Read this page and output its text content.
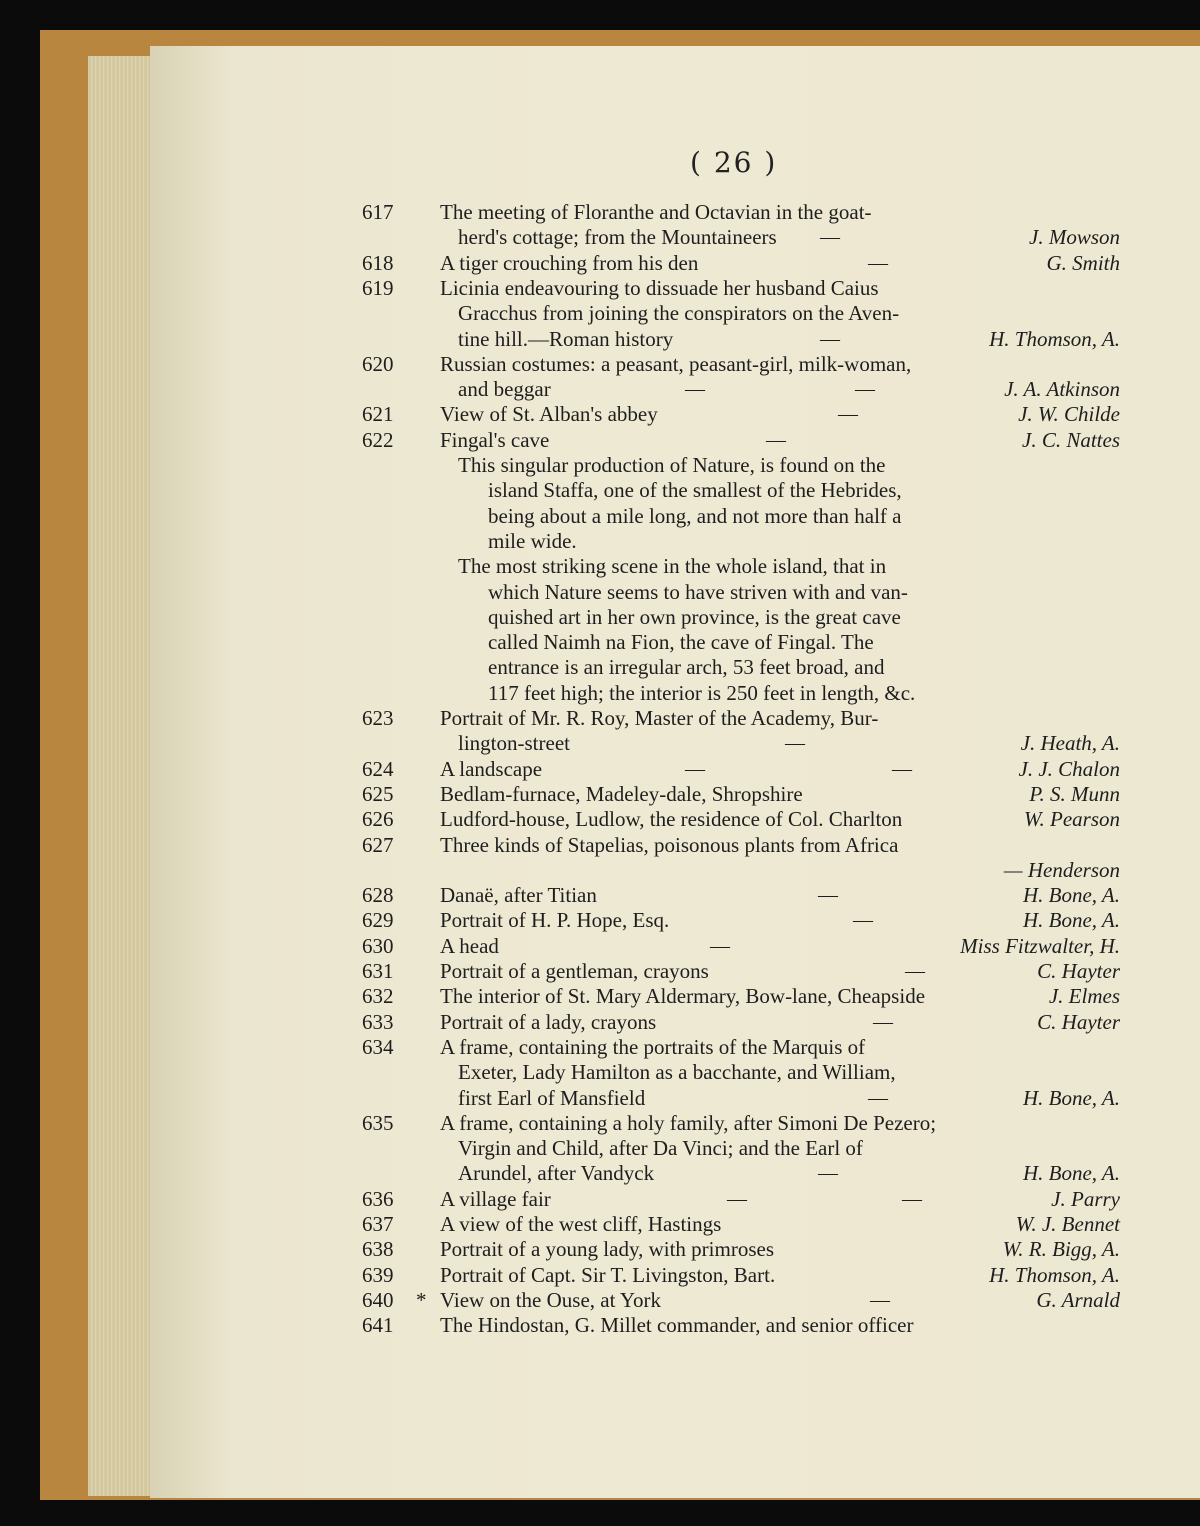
( 26 )
617	The meeting of Floranthe and Octavian in the goat-
herd's cottage; from the Mountaineers —	J. Mowson
618	A tiger crouching from his den	—	G. Smith
619	Licinia endeavouring to dissuade her husband Caius
Gracchus from joining the conspirators on the Aven-
tine hill.—Roman history	—	H. Thomson, A.
620	Russian costumes: a peasant, peasant-girl, milk-woman,
and beggar	—	—	J. A. Atkinson
621	View of St. Alban's abbey	—	J. W. Childe
622	Fingal's cave	—	J. C. Nattes
This singular production of Nature, is found on the
island Staffa, one of the smallest of the Hebrides,
being about a mile long, and not more than half a
mile wide.
The most striking scene in the whole island, that in
which Nature seems to have striven with and van-
quished art in her own province, is the great cave
called Naimh na Fion, the cave of Fingal. The
entrance is an irregular arch, 53 feet broad, and
117 feet high; the interior is 250 feet in length, &c.
623	Portrait of Mr. R. Roy, Master of the Academy, Bur-
lington-street	—	J. Heath, A.
624	A landscape	—	—	J. J. Chalon
625	Bedlam-furnace, Madeley-dale, Shropshire	P. S. Munn
626	Ludford-house, Ludlow, the residence of Col. Charlton	W. Pearson
627	Three kinds of Stapelias, poisonous plants from Africa
— Henderson
628	Danaë, after Titian	—	H. Bone, A.
629	Portrait of H. P. Hope, Esq.	—	H. Bone, A.
630	A head	—	Miss Fitzwalter, H.
631	Portrait of a gentleman, crayons	—	C. Hayter
632	The interior of St. Mary Aldermary, Bow-lane, Cheapside	J. Elmes
633	Portrait of a lady, crayons	—	C. Hayter
634	A frame, containing the portraits of the Marquis of
Exeter, Lady Hamilton as a bacchante, and William,
first Earl of Mansfield	—	H. Bone, A.
635	A frame, containing a holy family, after Simoni De Pezero;
Virgin and Child, after Da Vinci; and the Earl of
Arundel, after Vandyck	—	H. Bone, A.
636	A village fair	—	—	J. Parry
637	A view of the west cliff, Hastings	W. J. Bennet
638	Portrait of a young lady, with primroses	W. R. Bigg, A.
639	Portrait of Capt. Sir T. Livingston, Bart.	H. Thomson, A.
640	* View on the Ouse, at York	—	G. Arnald
641	The Hindostan, G. Millet commander, and senior officer
